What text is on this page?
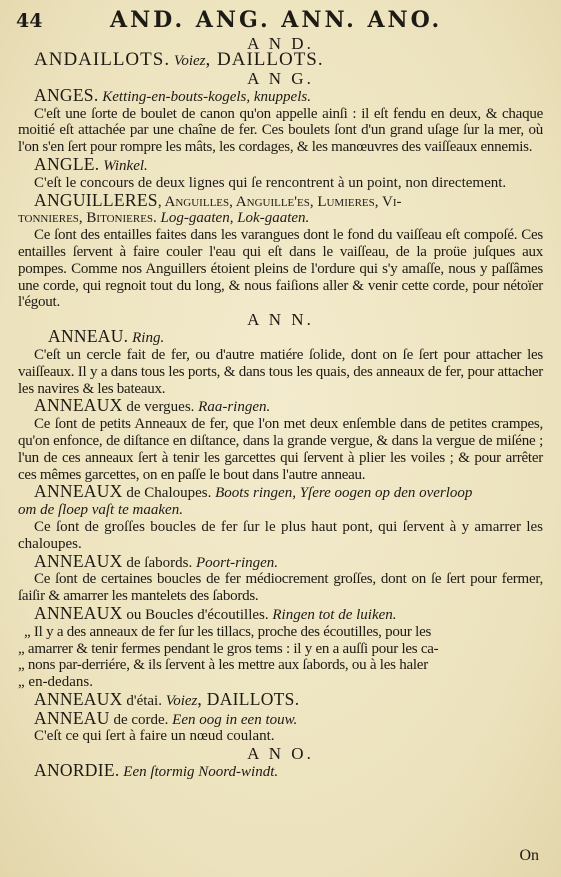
44	AND. ANG. ANN. ANO.
A N D.
ANDAILLOTS. Voiez, DAILLOTS.
A N G.
ANGES. Ketting-en-bouts-kogels, knuppels.
C'eſt une ſorte de boulet de canon qu'on appelle ainſi : il eſt fendu en deux, & chaque moitié eſt attachée par une chaîne de fer. Ces boulets ſont d'un grand uſage ſur la mer, où l'on s'en ſert pour rompre les mâts, les cordages, & les manœuvres des vaiſſeaux ennemis.
ANGLE. Winkel.
C'eſt le concours de deux lignes qui ſe rencontrent à un point, non directement.
ANGUILLERES, Anguilles, Anguille'es, Lumieres, Vi-
tonnieres, Bitonieres. Log-gaaten, Lok-gaaten.
Ce ſont des entailles faites dans les varangues dont le fond du vaiſſeau eſt compoſé. Ces entailles ſervent à faire couler l'eau qui eſt dans le vaiſſeau, de la proüe juſques aux pompes. Comme nos Anguillers étoient pleins de l'ordure qui s'y amaſſe, nous y paſſâmes une corde, qui regnoit tout du long, & nous faiſions aller & venir cette corde, pour nétoïer l'égout.
A N N.
ANNEAU. Ring.
C'eſt un cercle fait de fer, ou d'autre matiére ſolide, dont on ſe ſert pour attacher les vaiſſeaux. Il y a dans tous les ports, & dans tous les quais, des anneaux de fer, pour attacher les navires & les bateaux.
ANNEAUX de vergues. Raa-ringen.
Ce ſont de petits Anneaux de fer, que l'on met deux enſemble dans de petites crampes, qu'on enfonce, de diſtance en diſtance, dans la grande vergue, & dans la vergue de miſéne ; l'un de ces anneaux ſert à tenir les garcettes qui ſervent à plier les voiles ; & pour arrêter ces mêmes garcettes, on en paſſe le bout dans l'autre anneau.
ANNEAUX de Chaloupes. Boots ringen, Yſere oogen op den overloop
om de ſloep vaſt te maaken.
Ce ſont de groſſes boucles de fer ſur le plus haut pont, qui ſervent à y amarrer les chaloupes.
ANNEAUX de ſabords. Poort-ringen.
Ce ſont de certaines boucles de fer médiocrement groſſes, dont on ſe ſert pour fermer, ſaiſir & amarrer les mantelets des ſabords.
ANNEAUX ou Boucles d'écoutilles. Ringen tot de luiken.
„ Il y a des anneaux de fer ſur les tillacs, proche des écoutilles, pour les
„ amarrer & tenir fermes pendant le gros tems : il y en a auſſi pour les ca-
„ nons par-derriére, & ils ſervent à les mettre aux ſabords, ou à les haler
„ en-dedans.
ANNEAUX d'étai. Voiez, DAILLOTS.
ANNEAU de corde. Een oog in een touw.
C'eſt ce qui ſert à faire un nœud coulant.
A N O.
ANORDIE. Een ſtormig Noord-windt.
On
